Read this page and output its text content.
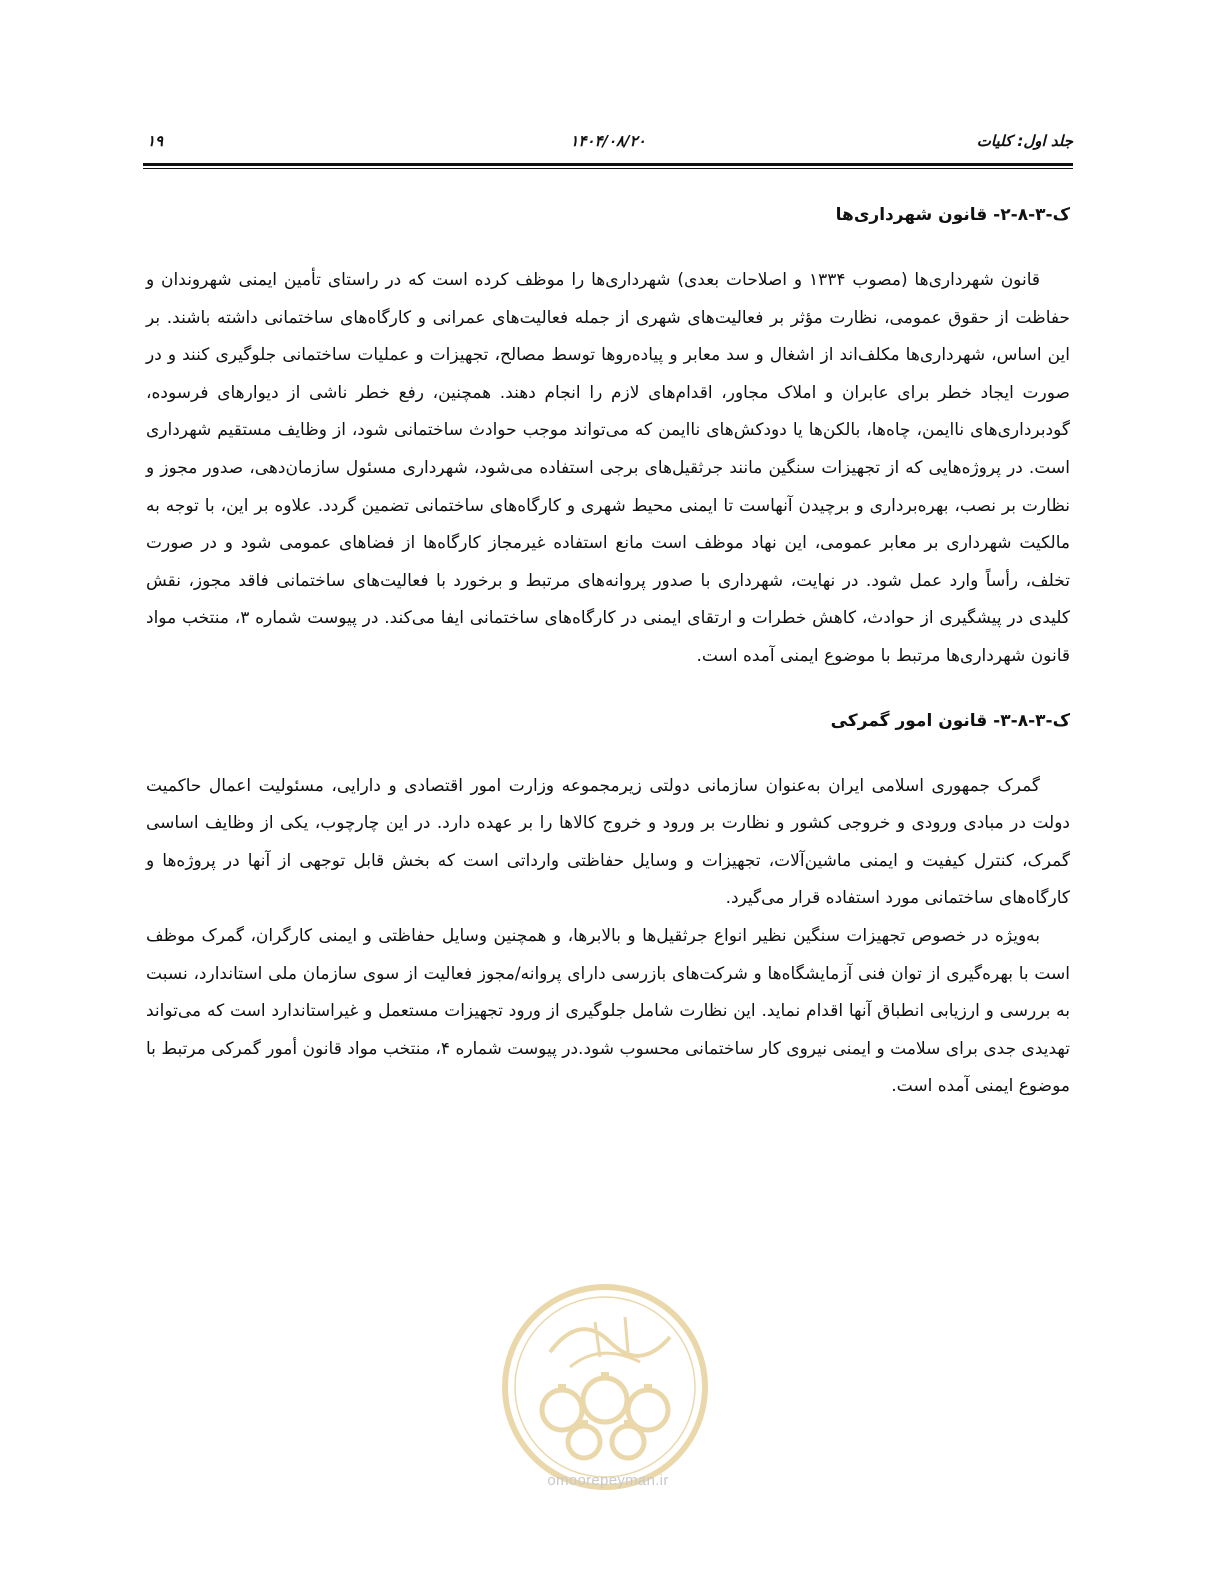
جلد اول: کلیات
۱۴۰۴/۰۸/۲۰
۱۹
ک-۳-۸-۲- قانون شهرداری‌ها

قانون شهرداری‌ها (مصوب ۱۳۳۴ و اصلاحات بعدی) شهرداری‌ها را موظف کرده است که در راستای تأمین ایمنی شهروندان و حفاظت از حقوق عمومی، نظارت مؤثر بر فعالیت‌های شهری از جمله فعالیت‌های عمرانی و کارگاه‌های ساختمانی داشته باشند. بر این اساس، شهرداری‌ها مکلف‌اند از اشغال و سد معابر و پیاده‌روها توسط مصالح، تجهیزات و عملیات ساختمانی جلوگیری کنند و در صورت ایجاد خطر برای عابران و املاک مجاور، اقدام‌های لازم را انجام دهند. همچنین، رفع خطر ناشی از دیوارهای فرسوده، گودبرداری‌های ناایمن، چاه‌ها، بالکن‌ها یا دودکش‌های ناایمن که می‌تواند موجب حوادث ساختمانی شود، از وظایف مستقیم شهرداری است. در پروژه‌هایی که از تجهیزات سنگین مانند جرثقیل‌های برجی استفاده می‌شود، شهرداری مسئول سازمان‌دهی، صدور مجوز و نظارت بر نصب، بهره‌برداری و برچیدن آنهاست تا ایمنی محیط شهری و کارگاه‌های ساختمانی تضمین گردد. علاوه بر این، با توجه به مالکیت شهرداری بر معابر عمومی، این نهاد موظف است مانع استفاده غیرمجاز کارگاه‌ها از فضاهای عمومی شود و در صورت تخلف، رأساً وارد عمل شود. در نهایت، شهرداری با صدور پروانه‌های مرتبط و برخورد با فعالیت‌های ساختمانی فاقد مجوز، نقش کلیدی در پیشگیری از حوادث، کاهش خطرات و ارتقای ایمنی در کارگاه‌های ساختمانی ایفا می‌کند. در پیوست شماره ۳، منتخب مواد قانون شهرداری‌ها مرتبط با موضوع ایمنی آمده است.

ک-۳-۸-۳- قانون امور گمرکی

گمرک جمهوری اسلامی ایران به‌عنوان سازمانی دولتی زیرمجموعه وزارت امور اقتصادی و دارایی، مسئولیت اعمال حاکمیت دولت در مبادی ورودی و خروجی کشور و نظارت بر ورود و خروج کالاها را بر عهده دارد. در این چارچوب، یکی از وظایف اساسی گمرک، کنترل کیفیت و ایمنی ماشین‌آلات، تجهیزات و وسایل حفاظتی وارداتی است که بخش قابل توجهی از آنها در پروژه‌ها و کارگاه‌های ساختمانی مورد استفاده قرار می‌گیرد.

به‌ویژه در خصوص تجهیزات سنگین نظیر انواع جرثقیل‌ها و بالابرها، و همچنین وسایل حفاظتی و ایمنی کارگران، گمرک موظف است با بهره‌گیری از توان فنی آزمایشگاه‌ها و شرکت‌های بازرسی دارای پروانه/مجوز فعالیت از سوی سازمان ملی استاندارد، نسبت به بررسی و ارزیابی انطباق آنها اقدام نماید. این نظارت شامل جلوگیری از ورود تجهیزات مستعمل و غیراستاندارد است که می‌تواند تهدیدی جدی برای سلامت و ایمنی نیروی کار ساختمانی محسوب شود.در پیوست شماره ۴، منتخب مواد قانون أمور گمرکی مرتبط با موضوع ایمنی آمده است.

omoorepeyman.ir
